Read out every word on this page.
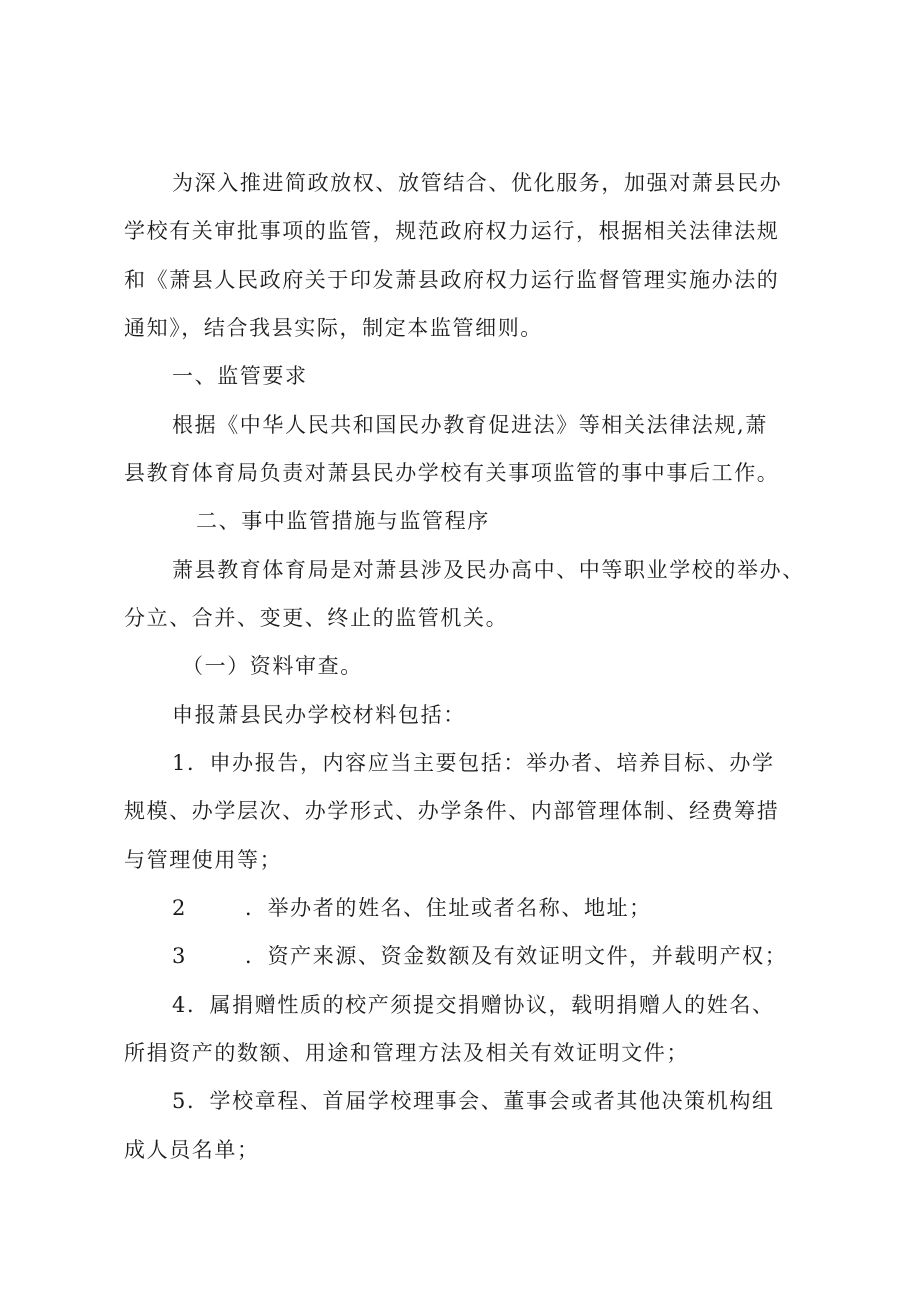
为深入推进简政放权、放管结合、优化服务，加强对萧县民办
学校有关审批事项的监管，规范政府权力运行，根据相关法律法规
和《萧县人民政府关于印发萧县政府权力运行监督管理实施办法的
通知》，结合我县实际，制定本监管细则。
一、监管要求
根据《中华人民共和国民办教育促进法》等相关法律法规,萧
县教育体育局负责对萧县民办学校有关事项监管的事中事后工作。
二、事中监管措施与监管程序
萧县教育体育局是对萧县涉及民办高中、中等职业学校的举办、
分立、合并、变更、终止的监管机关。
（一）资料审查。
申报萧县民办学校材料包括：
1．申办报告，内容应当主要包括：举办者、培养目标、办学
规模、办学层次、办学形式、办学条件、内部管理体制、经费筹措
与管理使用等；
2	．举办者的姓名、住址或者名称、地址；
3	．资产来源、资金数额及有效证明文件，并载明产权；
4．属捐赠性质的校产须提交捐赠协议，载明捐赠人的姓名、
所捐资产的数额、用途和管理方法及相关有效证明文件；
5．学校章程、首届学校理事会、董事会或者其他决策机构组
成人员名单；
